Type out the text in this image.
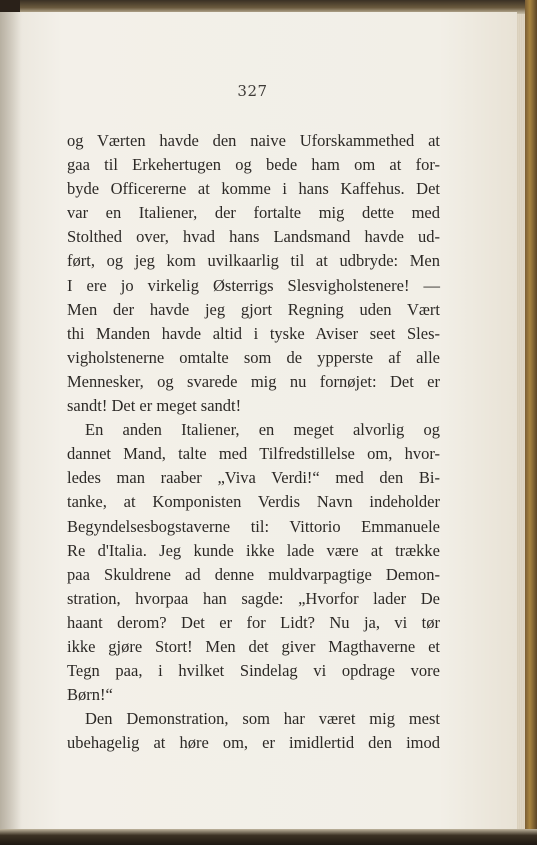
327

og Værten havde den naive Uforskammethed at

gaa til Erkehertugen og bede ham om at for-

byde Officererne at komme i hans Kaffehus. Det

var en Italiener, der fortalte mig dette med

Stolthed over, hvad hans Landsmand havde ud-

ført, og jeg kom uvilkaarlig til at udbryde: Men

I ere jo virkelig Østerrigs Slesvigholstenere! —

Men der havde jeg gjort Regning uden Vært

thi Manden havde altid i tyske Aviser seet Sles-

vigholstenerne omtalte som de ypperste af alle

Mennesker, og svarede mig nu fornøjet: Det er

sandt! Det er meget sandt!

En anden Italiener, en meget alvorlig og

dannet Mand, talte med Tilfredstillelse om, hvor-

ledes man raaber „Viva Verdi!“ med den Bi-

tanke, at Komponisten Verdis Navn indeholder

Begyndelsesbogstaverne til: Vittorio Emmanuele

Re d'Italia. Jeg kunde ikke lade være at trække

paa Skuldrene ad denne muldvarpagtige Demon-

stration, hvorpaa han sagde: „Hvorfor lader De

haant derom? Det er for Lidt? Nu ja, vi tør

ikke gjøre Stort! Men det giver Magthaverne et

Tegn paa, i hvilket Sindelag vi opdrage vore

Børn!“

Den Demonstration, som har været mig mest

ubehagelig at høre om, er imidlertid den imod
